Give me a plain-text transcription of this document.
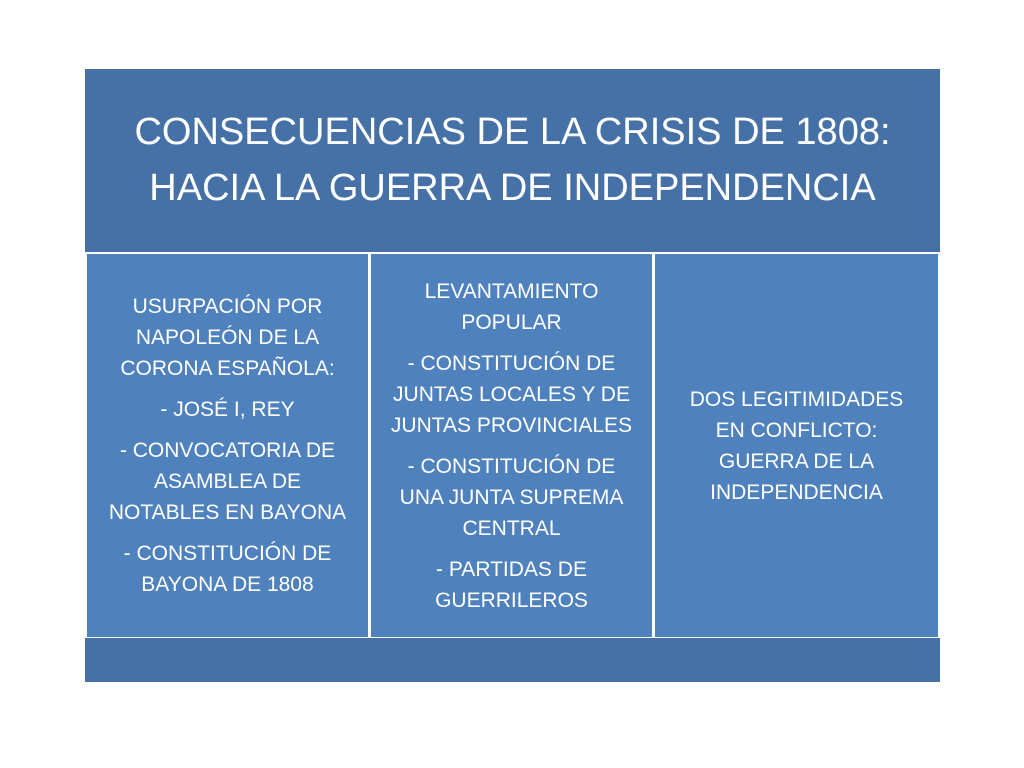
CONSECUENCIAS DE LA CRISIS DE 1808:
HACIA LA GUERRA DE INDEPENDENCIA

USURPACIÓN POR
NAPOLEÓN DE LA
CORONA ESPAÑOLA:

- JOSÉ I, REY

- CONVOCATORIA DE
ASAMBLEA DE
NOTABLES EN BAYONA

- CONSTITUCIÓN DE
BAYONA DE 1808

LEVANTAMIENTO
POPULAR

- CONSTITUCIÓN DE
JUNTAS LOCALES Y DE
JUNTAS PROVINCIALES

- CONSTITUCIÓN DE
UNA JUNTA SUPREMA
CENTRAL

- PARTIDAS DE
GUERRILEROS

DOS LEGITIMIDADES
EN CONFLICTO:
GUERRA DE LA
INDEPENDENCIA
